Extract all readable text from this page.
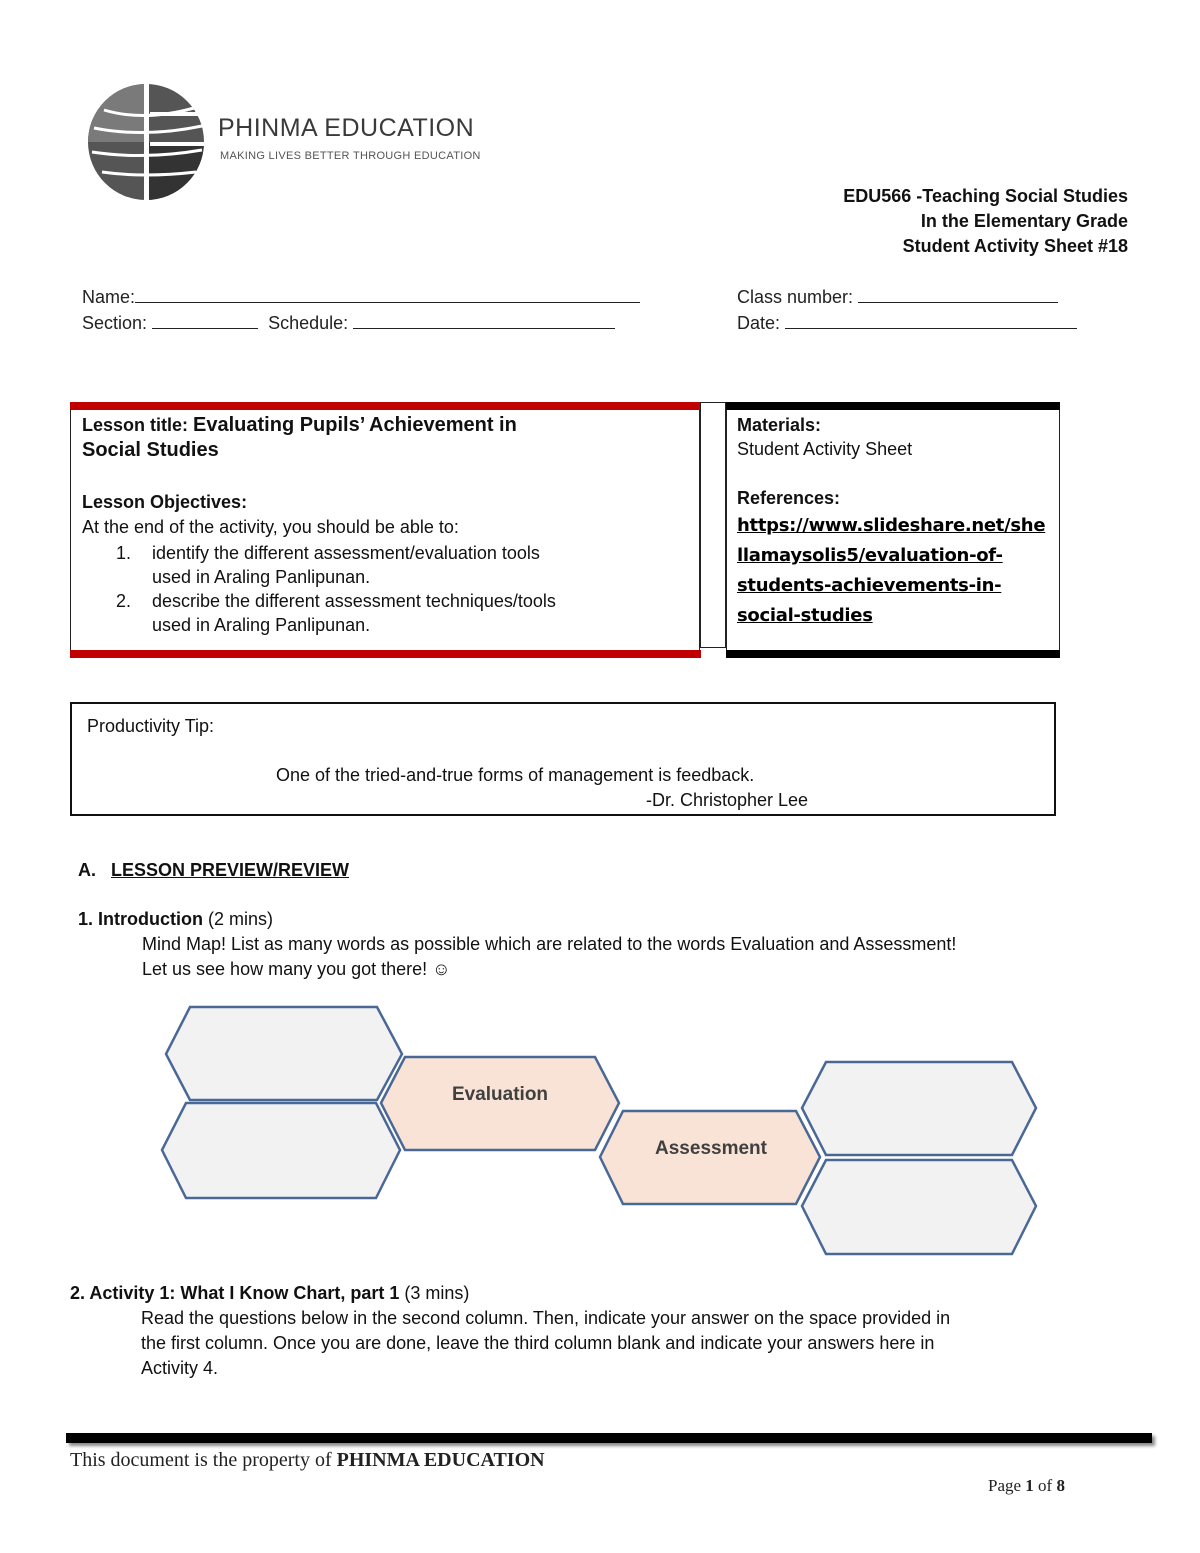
PHINMA EDUCATION
MAKING LIVES BETTER THROUGH EDUCATION
EDU566 -Teaching Social Studies
In the Elementary Grade
Student Activity Sheet #18
Name:	Class number:
Section:	Schedule:	Date:
Lesson title: Evaluating Pupils’ Achievement in
Social Studies
Lesson Objectives:
At the end of the activity, you should be able to:
1. identify the different assessment/evaluation tools
used in Araling Panlipunan.
2. describe the different assessment techniques/tools
used in Araling Panlipunan.
Materials:
Student Activity Sheet
References:
https://www.slideshare.net/she
llamaysolis5/evaluation-of-
students-achievements-in-
social-studies
Productivity Tip:
One of the tried-and-true forms of management is feedback.
-Dr. Christopher Lee
A. LESSON PREVIEW/REVIEW
1. Introduction (2 mins)
Mind Map! List as many words as possible which are related to the words Evaluation and Assessment!
Let us see how many you got there! ☺
Evaluation
Assessment
2. Activity 1: What I Know Chart, part 1 (3 mins)
Read the questions below in the second column. Then, indicate your answer on the space provided in
the first column. Once you are done, leave the third column blank and indicate your answers here in
Activity 4.
This document is the property of PHINMA EDUCATION
Page 1 of 8
